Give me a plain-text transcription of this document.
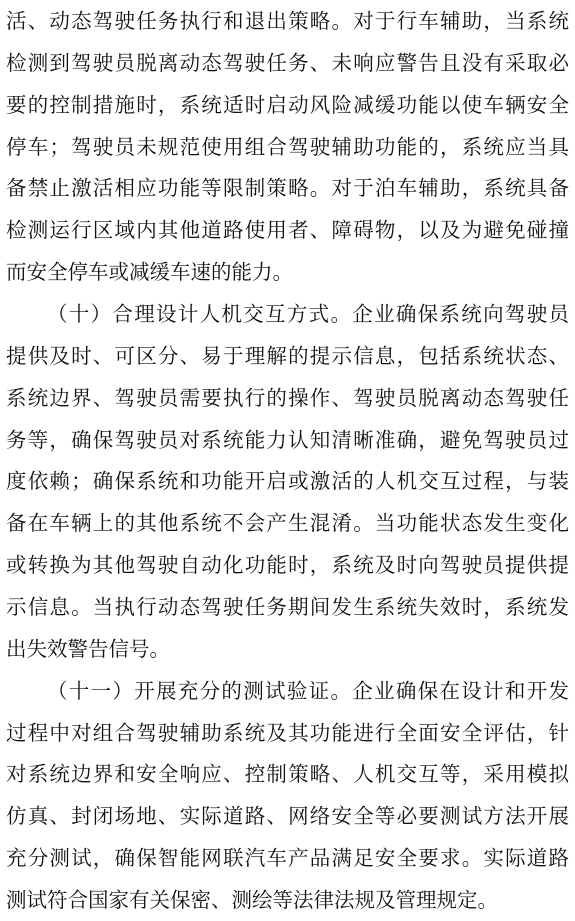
活、动态驾驶任务执行和退出策略。对于行车辅助，当系统
检测到驾驶员脱离动态驾驶任务、未响应警告且没有采取必
要的控制措施时，系统适时启动风险减缓功能以使车辆安全
停车；驾驶员未规范使用组合驾驶辅助功能的，系统应当具
备禁止激活相应功能等限制策略。对于泊车辅助，系统具备
检测运行区域内其他道路使用者、障碍物，以及为避免碰撞
而安全停车或减缓车速的能力。
（十）合理设计人机交互方式。企业确保系统向驾驶员
提供及时、可区分、易于理解的提示信息，包括系统状态、
系统边界、驾驶员需要执行的操作、驾驶员脱离动态驾驶任
务等，确保驾驶员对系统能力认知清晰准确，避免驾驶员过
度依赖；确保系统和功能开启或激活的人机交互过程，与装
备在车辆上的其他系统不会产生混淆。当功能状态发生变化
或转换为其他驾驶自动化功能时，系统及时向驾驶员提供提
示信息。当执行动态驾驶任务期间发生系统失效时，系统发
出失效警告信号。
（十一）开展充分的测试验证。企业确保在设计和开发
过程中对组合驾驶辅助系统及其功能进行全面安全评估，针
对系统边界和安全响应、控制策略、人机交互等，采用模拟
仿真、封闭场地、实际道路、网络安全等必要测试方法开展
充分测试，确保智能网联汽车产品满足安全要求。实际道路
测试符合国家有关保密、测绘等法律法规及管理规定。
